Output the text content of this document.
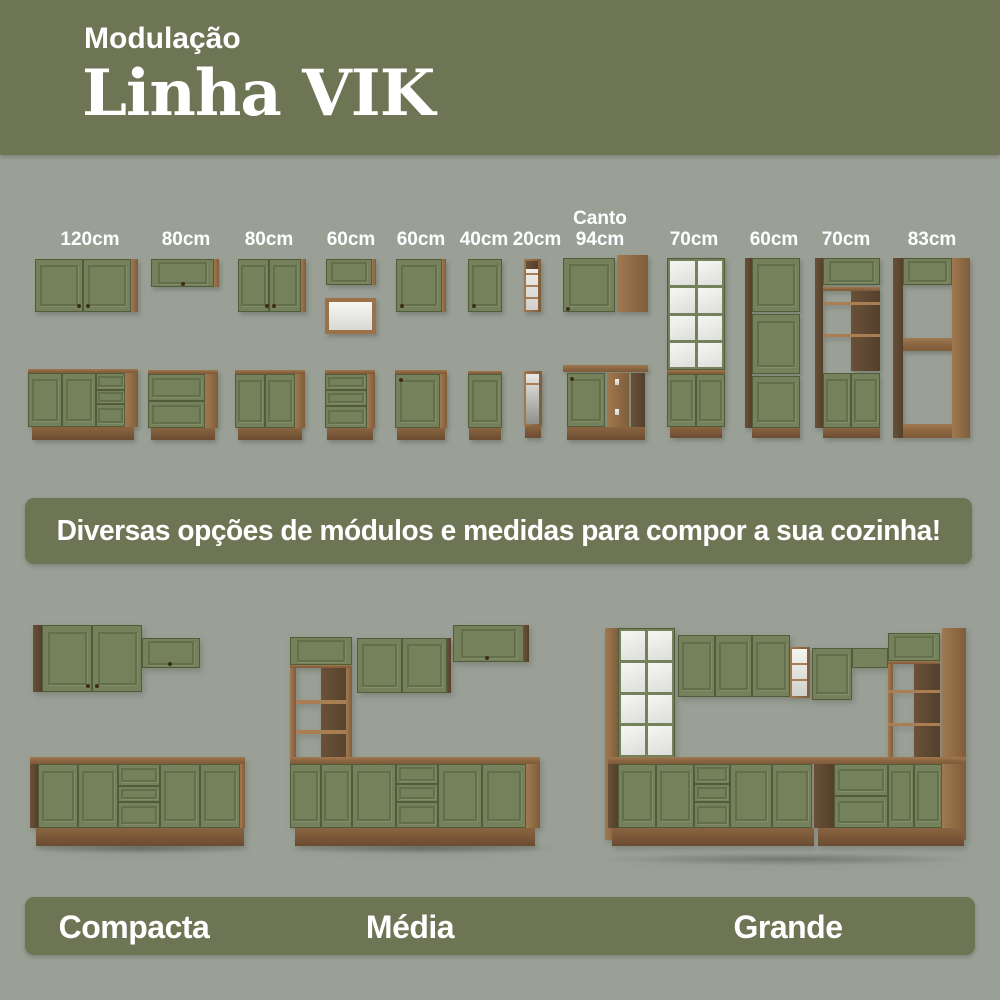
Modulação
Linha VIK
120cm 80cm 80cm 60cm 60cm 40cm 20cm
Canto
94cm 70cm 60cm 70cm 83cm
Diversas opções de módulos e medidas para compor a sua cozinha!
Compacta	Média	Grande
